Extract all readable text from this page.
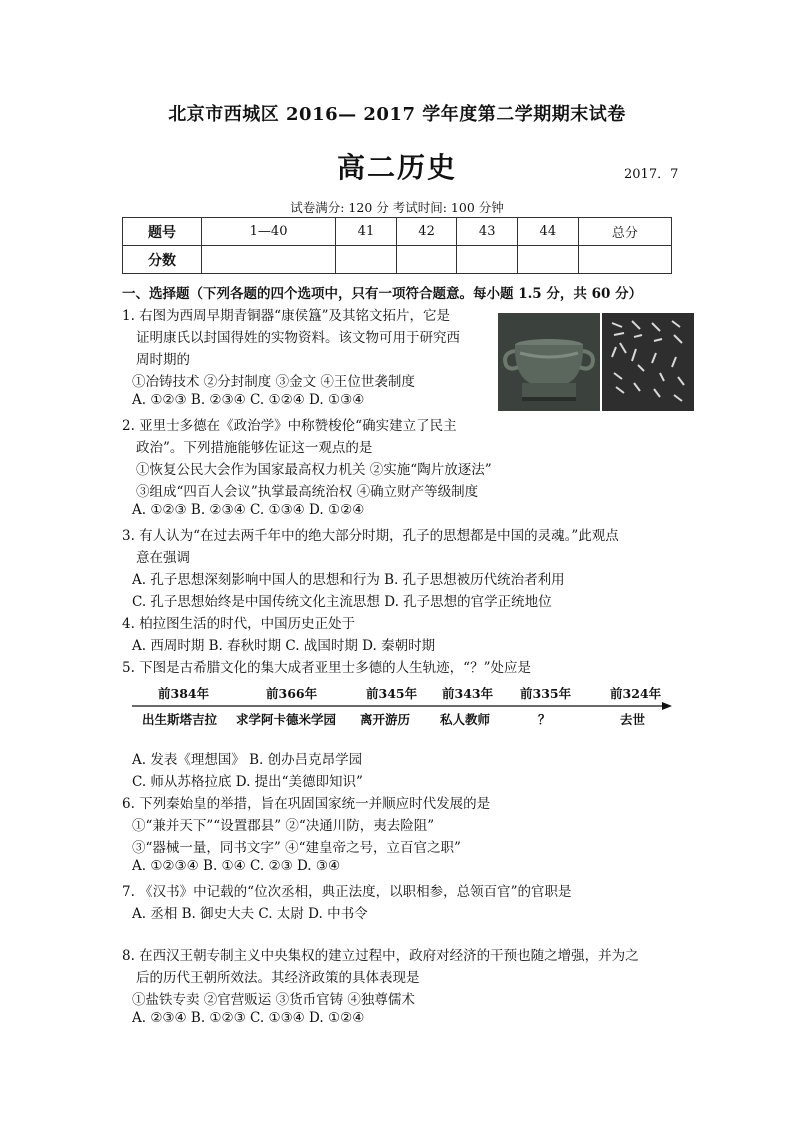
北京市西城区 2016— 2017 学年度第二学期期末试卷
高二历史	2017．7
试卷满分: 120 分 考试时间: 100 分钟
题号	1—40	41	42	43	44	总分
分数						
一、选择题（下列各题的四个选项中，只有一项符合题意。每小题 1.5 分，共 60 分）
1. 右图为西周早期青铜器“康侯簋”及其铭文拓片，它是
证明康氏以封国得姓的实物资料。该文物可用于研究西
周时期的
①冶铸技术 ②分封制度 ③金文 ④王位世袭制度
A. ①②③ B. ②③④ C. ①②④ D. ①③④
2. 亚里士多德在《政治学》中称赞梭伦“确实建立了民主
政治”。下列措施能够佐证这一观点的是
①恢复公民大会作为国家最高权力机关 ②实施“陶片放逐法”
③组成“四百人会议”执掌最高统治权 ④确立财产等级制度
A. ①②③ B. ②③④ C. ①③④ D. ①②④
3. 有人认为“在过去两千年中的绝大部分时期，孔子的思想都是中国的灵魂。”此观点
意在强调
A. 孔子思想深刻影响中国人的思想和行为 B. 孔子思想被历代统治者利用
C. 孔子思想始终是中国传统文化主流思想 D. 孔子思想的官学正统地位
4. 柏拉图生活的时代，中国历史正处于
A. 西周时期 B. 春秋时期 C. 战国时期 D. 秦朝时期
5. 下图是古希腊文化的集大成者亚里士多德的人生轨迹，“？”处应是
前384年	前366年	前345年 前343年 前335年	前324年
出生斯塔吉拉 求学阿卡德米学园 离开游历 私人教师	？	去世
A. 发表《理想国》 B. 创办吕克昂学园
C. 师从苏格拉底 D. 提出“美德即知识”
6. 下列秦始皇的举措，旨在巩固国家统一并顺应时代发展的是
①“兼并天下”“设置郡县” ②“决通川防，夷去险阻”
③“器械一量，同书文字” ④“建皇帝之号，立百官之职”
A. ①②③④ B. ①④ C. ②③ D. ③④
7. 《汉书》中记载的“位次丞相，典正法度，以职相参，总领百官”的官职是
A. 丞相 B. 御史大夫 C. 太尉 D. 中书令
8. 在西汉王朝专制主义中央集权的建立过程中，政府对经济的干预也随之增强，并为之
后的历代王朝所效法。其经济政策的具体表现是
①盐铁专卖 ②官营贩运 ③货币官铸 ④独尊儒术
A. ②③④ B. ①②③ C. ①③④ D. ①②④
